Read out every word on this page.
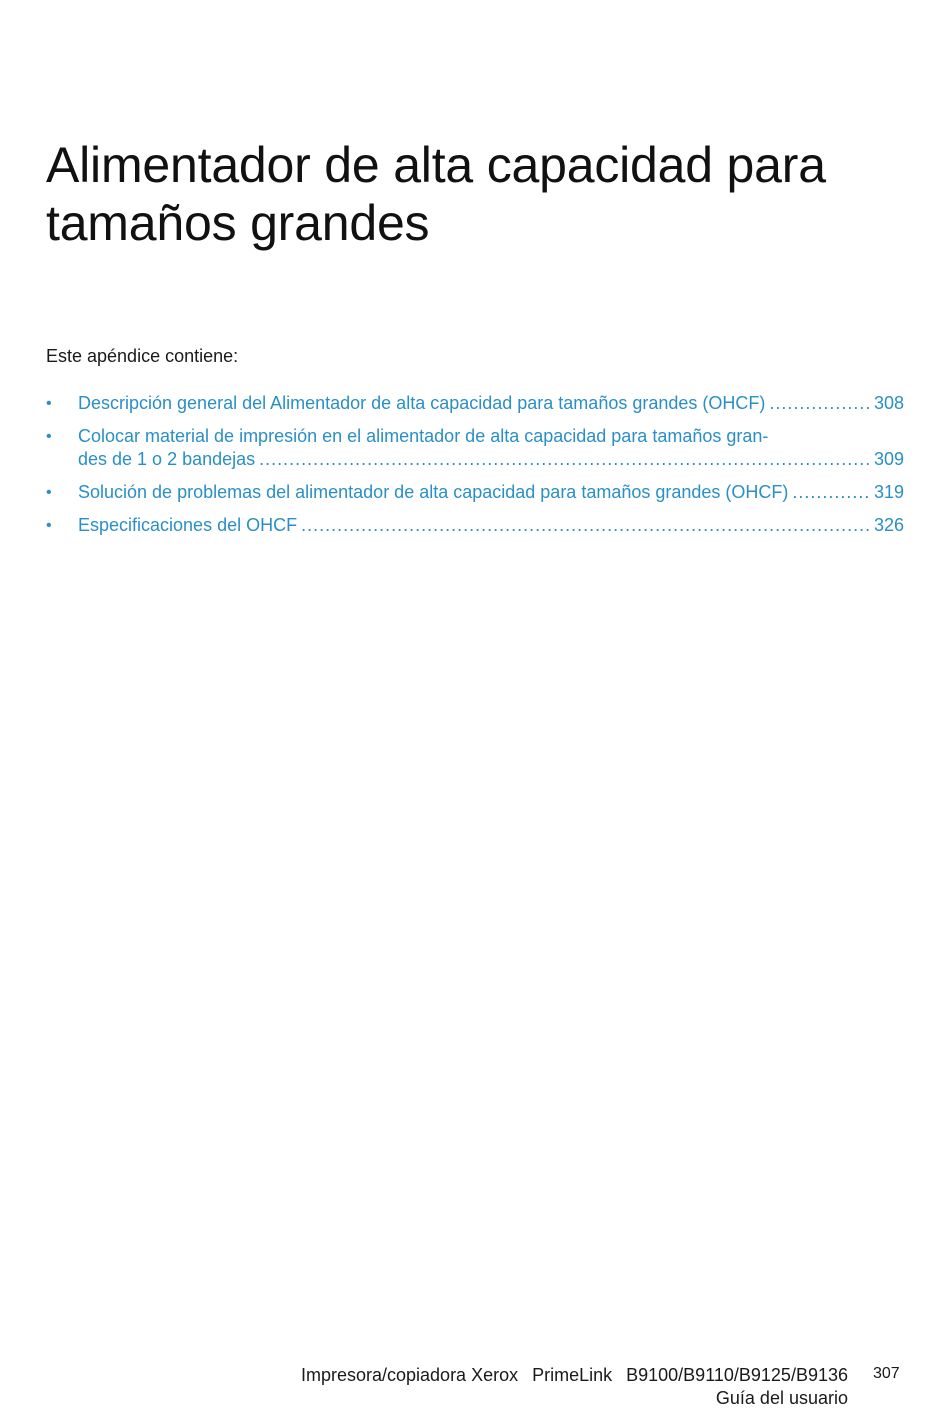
Alimentador de alta capacidad para tamaños grandes
Este apéndice contiene:
•	Descripción general del Alimentador de alta capacidad para tamaños grandes (OHCF) .....	308
•	Colocar material de impresión en el alimentador de alta capacidad para tamaños gran-
des de 1 o 2 bandejas .....	309
•	Solución de problemas del alimentador de alta capacidad para tamaños grandes (OHCF) .....	319
•	Especificaciones del OHCF .....	326
Impresora/copiadora Xerox PrimeLink B9100/B9110/B9125/B9136
Guía del usuario
307
